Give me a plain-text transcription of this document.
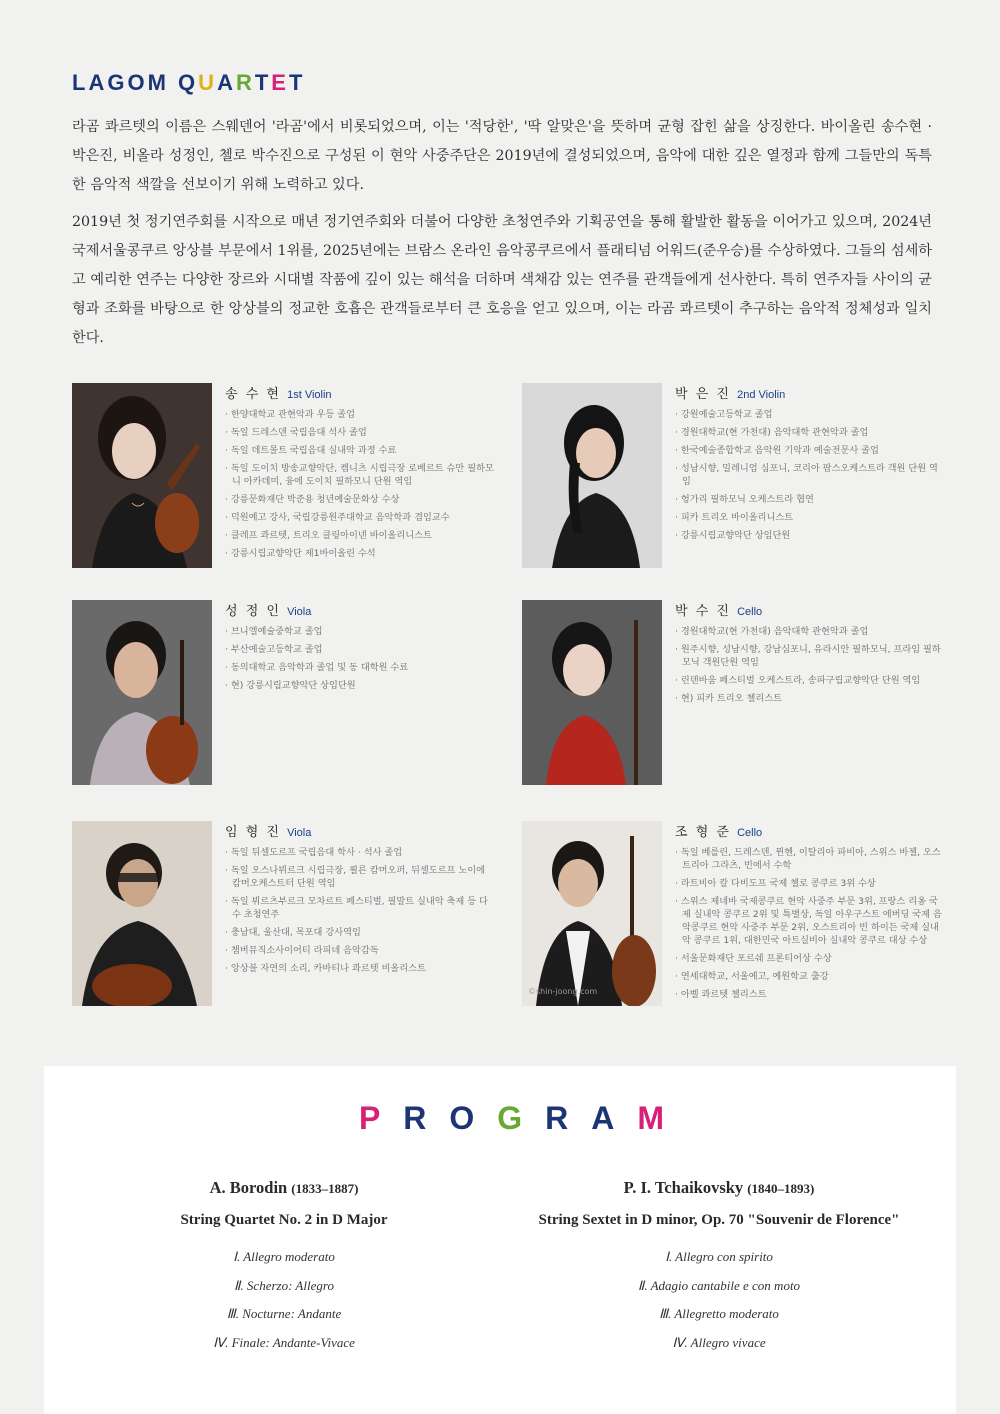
LAGOM QUARTET

라곰 콰르텟의 이름은 스웨덴어 '라곰'에서 비롯되었으며, 이는 '적당한', '딱 알맞은'을 뜻하며 균형 잡힌 삶을 상징한다. 바이올린 송수현 · 박은진, 비올라 성정인, 첼로 박수진으로 구성된 이 현악 사중주단은 2019년에 결성되었으며, 음악에 대한 깊은 열정과 함께 그들만의 독특한 음악적 색깔을 선보이기 위해 노력하고 있다.

2019년 첫 정기연주회를 시작으로 매년 정기연주회와 더불어 다양한 초청연주와 기획공연을 통해 활발한 활동을 이어가고 있으며, 2024년 국제서울콩쿠르 앙상블 부문에서 1위를, 2025년에는 브람스 온라인 음악콩쿠르에서 플래티넘 어워드(준우승)를 수상하였다. 그들의 섬세하고 예리한 연주는 다양한 장르와 시대별 작품에 깊이 있는 해석을 더하며 색채감 있는 연주를 관객들에게 선사한다. 특히 연주자들 사이의 균형과 조화를 바탕으로 한 앙상블의 정교한 호흡은 관객들로부터 큰 호응을 얻고 있으며, 이는 라곰 콰르텟이 추구하는 음악적 정체성과 일치한다.

송 수 현 1st Violin
· 한양대학교 관현악과 우등 졸업
· 독일 드레스덴 국립음대 석사 졸업
· 독일 데트몰트 국립음대 실내악 과정 수료
· 독일 도이치 방송교향악단, 켐니츠 시립극장 로베르트 슈만 필하모니 아카데미, 융에 도이치 필하모니 단원 역임
· 강릉문화재단 박준용 청년예술문화상 수상
· 덕원예고 강사, 국립강릉원주대학교 음악학과 겸임교수
· 클레프 콰르텟, 트리오 클링아이넨 바이올리니스트
· 강릉시립교향악단 제1바이올린 수석
박 은 진 2nd Violin
· 강원예술고등학교 졸업
· 경원대학교(현 가천대) 음악대학 관현악과 졸업
· 한국예술종합학교 음악원 기악과 예술전문사 졸업
· 성남시향, 밀레니엄 심포니, 코리아 팝스오케스트라 객원 단원 역임
· 헝가리 필하모닉 오케스트라 협연
· 피카 트리오 바이올리니스트
· 강릉시립교향악단 상임단원
성 정 인 Viola
· 브니엘예술중학교 졸업
· 부산예술고등학교 졸업
· 동의대학교 음악학과 졸업 및 동 대학원 수료
· 현) 강릉시립교향악단 상임단원
박 수 진 Cello
· 경원대학교(현 가천대) 음악대학 관현악과 졸업
· 원주시향, 성남시향, 강남심포니, 유라시안 필하모닉, 프라임 필하모닉 객원단원 역임
· 린덴바움 페스티벌 오케스트라, 송파구립교향악단 단원 역임
· 현) 피카 트리오 첼리스트
임 형 진 Viola
· 독일 뒤셀도르프 국립음대 학사 · 석사 졸업
· 독일 오스나뷔르크 시립극장, 쾰른 캄머오퍼, 뒤셀도르프 노이에 캄머오케스트터 단원 역임
· 독일 뷔르츠부르크 모차르트 페스티벌, 필말트 실내악 축제 등 다수 초청연주
· 충남대, 울산대, 목포대 강사역임
· 챔버뮤직소사이어티 라피네 음악감독
· 앙상블 자연의 소리, 카바티나 콰르텟 비올리스트
©shin-joong.com
조 형 준 Cello
· 독일 베를린, 드레스덴, 뮌헨, 이탈리아 파비아, 스위스 바젤, 오스트리아 그라츠, 빈에서 수학
· 라트비아 칼 다비도프 국제 첼로 콩쿠르 3위 수상
· 스위스 제네바 국제콩쿠르 현악 사중주 부문 3위, 프랑스 리옹 국제 실내악 콩쿠르 2위 및 특별상, 독일 아우구스트 에버딩 국제 음악콩쿠르 현악 사중주 부문 2위, 오스트리아 빈 하이든 국제 실내악 콩쿠르 1위, 대한민국 아트실비아 실내악 콩쿠르 대상 수상
· 서울문화재단 포르쉐 프론티어상 수상
· 연세대학교, 서울예고, 예원학교 출강
· 아벨 콰르텟 첼리스트
PROGRAM
A. Borodin (1833–1887)
String Quartet No. 2 in D Major
Ⅰ. Allegro moderato
Ⅱ. Scherzo: Allegro
Ⅲ. Nocturne: Andante
Ⅳ. Finale: Andante-Vivace
P. I. Tchaikovsky (1840–1893)
String Sextet in D minor, Op. 70 "Souvenir de Florence"
Ⅰ. Allegro con spirito
Ⅱ. Adagio cantabile e con moto
Ⅲ. Allegretto moderato
Ⅳ. Allegro vivace
